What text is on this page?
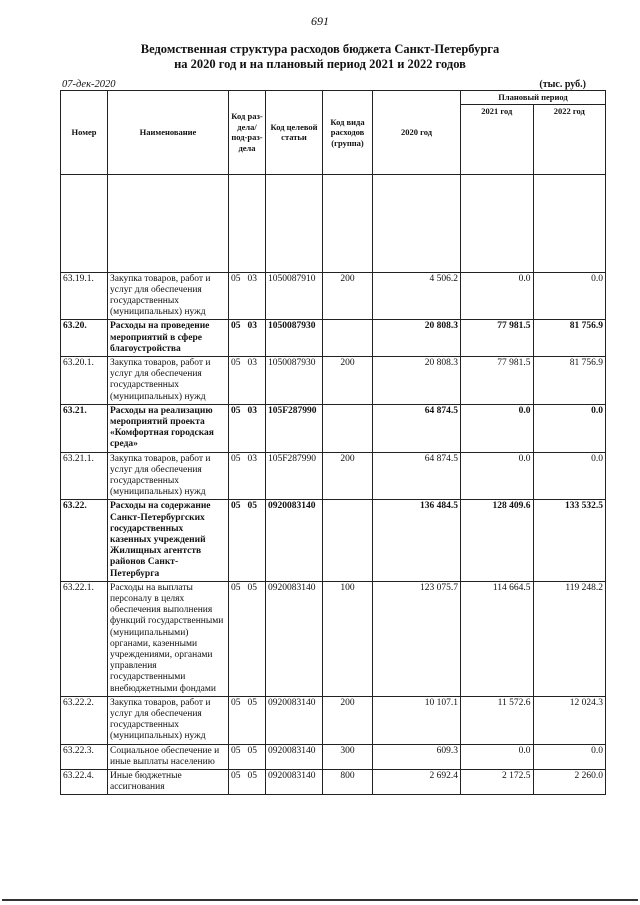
691
Ведомственная структура расходов бюджета Санкт-Петербурга
на 2020 год и на плановый период 2021 и 2022 годов
07-дек-2020	(тыс. руб.)
Номер	Наименование	Код раз-дела/ под-раз-дела	Код целевой статьи	Код вида расходов (группа)	2020 год	Плановый период	
						2021 год	2022 год

63.19.1.	Закупка товаров, работ и услуг для обеспечения государственных (муниципальных) нужд	05 03	1050087910	200	4 506.2	0.0	0.0
63.20.	Расходы на проведение мероприятий в сфере благоустройства	05 03	1050087930		20 808.3	77 981.5	81 756.9
63.20.1.	Закупка товаров, работ и услуг для обеспечения государственных (муниципальных) нужд	05 03	1050087930	200	20 808.3	77 981.5	81 756.9
63.21.	Расходы на реализацию мероприятий проекта «Комфортная городская среда»	05 03	105F287990		64 874.5	0.0	0.0
63.21.1.	Закупка товаров, работ и услуг для обеспечения государственных (муниципальных) нужд	05 03	105F287990	200	64 874.5	0.0	0.0
63.22.	Расходы на содержание Санкт-Петербургских государственных казенных учреждений Жилищных агентств районов Санкт-Петербурга	05 05	0920083140		136 484.5	128 409.6	133 532.5
63.22.1.	Расходы на выплаты персоналу в целях обеспечения выполнения функций государственными (муниципальными) органами, казенными учреждениями, органами управления государственными внебюджетными фондами	05 05	0920083140	100	123 075.7	114 664.5	119 248.2
63.22.2.	Закупка товаров, работ и услуг для обеспечения государственных (муниципальных) нужд	05 05	0920083140	200	10 107.1	11 572.6	12 024.3
63.22.3.	Социальное обеспечение и иные выплаты населению	05 05	0920083140	300	609.3	0.0	0.0
63.22.4.	Иные бюджетные ассигнования	05 05	0920083140	800	2 692.4	2 172.5	2 260.0
